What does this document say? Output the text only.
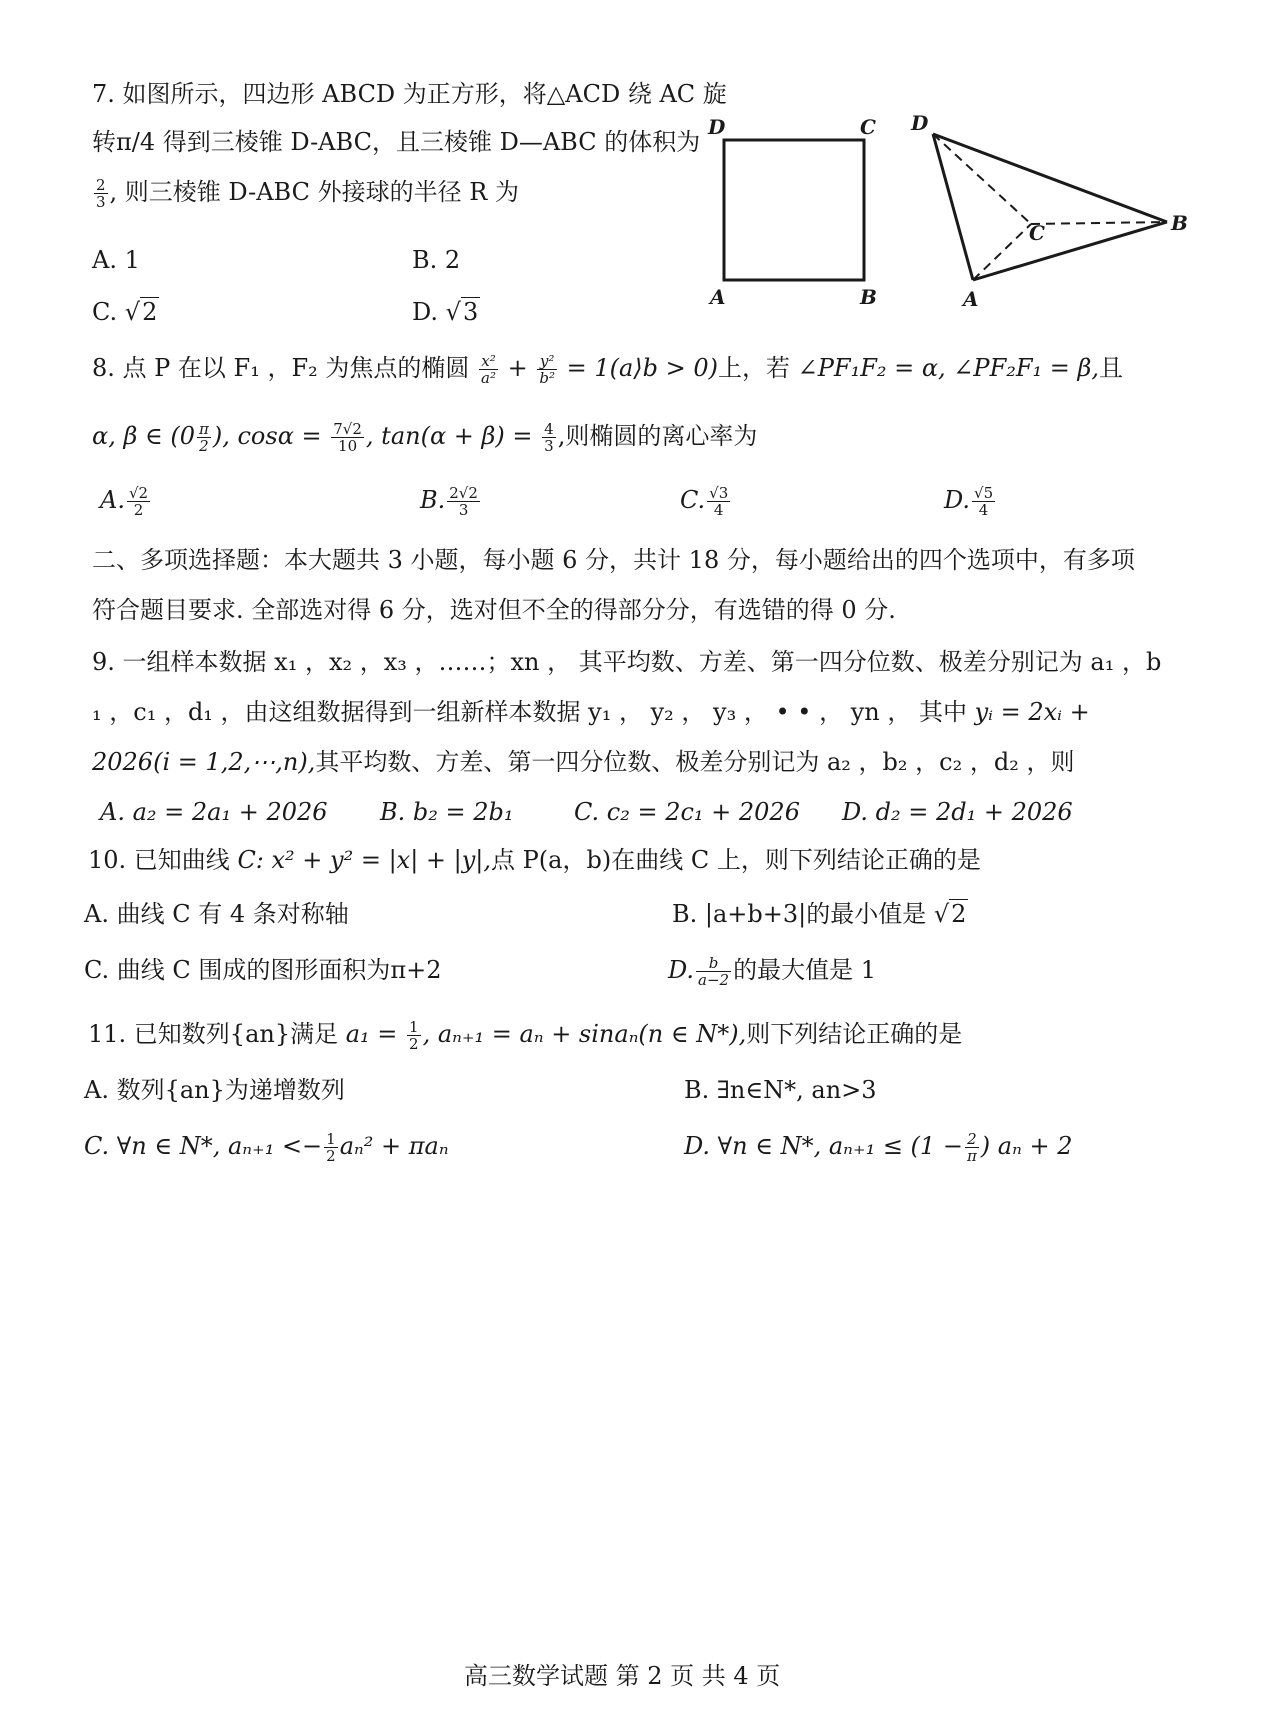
7. 如图所示，四边形 ABCD 为正方形，将△ACD 绕 AC 旋
转π/4 得到三棱锥 D-ABC，且三棱锥 D—ABC 的体积为
$\frac{2}{3}$ , 则三棱锥 D-ABC 外接球的半径 R 为
A. 1	B. 2
C. √2	D. √3
D	C
A	B
D
C
A
B
8. 点 P 在以 F₁ ，F₂ 为焦点的椭圆 $\frac{\text{x²}}{\text{a²}} + \frac{\text{y²}}{\text{b²}}$ = 1(a⟩b > 0)上，若 ∠PF₁F₂ = α, ∠PF₂F₁ = β,且
α, β ∈ ($0 \frac{\pi}{2}$ ), $\cos\alpha = \frac{7√2}{10}$ , $\tan(\alpha + \beta) = \frac{4}{3}$ ,则椭圆的离心率为
A. $\frac{√2}{2}$	B. $\frac{2√2}{3}$	C. $\frac{√3}{4}$	D. $\frac{√5}{4}$
二、多项选择题：本大题共 3 小题，每小题 6 分，共计 18 分，每小题给出的四个选项中，有多项
符合题目要求. 全部选对得 6 分，选对但不全的得部分分，有选错的得 0 分.
9. 一组样本数据 x₁ ，x₂ ，x₃ ，……；xn ， 其平均数、方差、第一四分位数、极差分别记为 a₁ ，b
₁ ，c₁ ，d₁ ，由这组数据得到一组新样本数据 y₁ ， y₂ ， y₃ ， • • ， yn ， 其中 yᵢ = 2xᵢ +
2026(i = 1,2,⋯,n),其平均数、方差、第一四分位数、极差分别记为 a₂ ，b₂ ，c₂ ，d₂ ，则
A. a₂ = 2a₁ + 2026 B. b₂ = 2b₁	C. c₂ = 2c₁ + 2026 D. d₂ = 2d₁ + 2026
10. 已知曲线 C: x² + y² = |x| + |y|,点 P(a，b)在曲线 C 上，则下列结论正确的是
A. 曲线 C 有 4 条对称轴	B. |a+b+3|的最小值是 √2
C. 曲线 C 围成的图形面积为π+2	D. $\frac{b}{a-2}$ 的最大值是 1
11. 已知数列{an}满足 $a_1 = \frac{1}{2}$ , aₙ₊₁ = aₙ + sinaₙ(n ∈ N*),则下列结论正确的是
A. 数列{an}为递增数列	B. ∃n∈N*, an>3
C. ∀n ∈ N*, $a_{n+1} <- \frac{1}{2} a_n^2 + \pi a_n$	D. ∀n ∈ N*, $a_{n+1} \le (1 - \frac{2}{\pi}$ ) aₙ + 2
高三数学试题 第 2 页 共 4 页
